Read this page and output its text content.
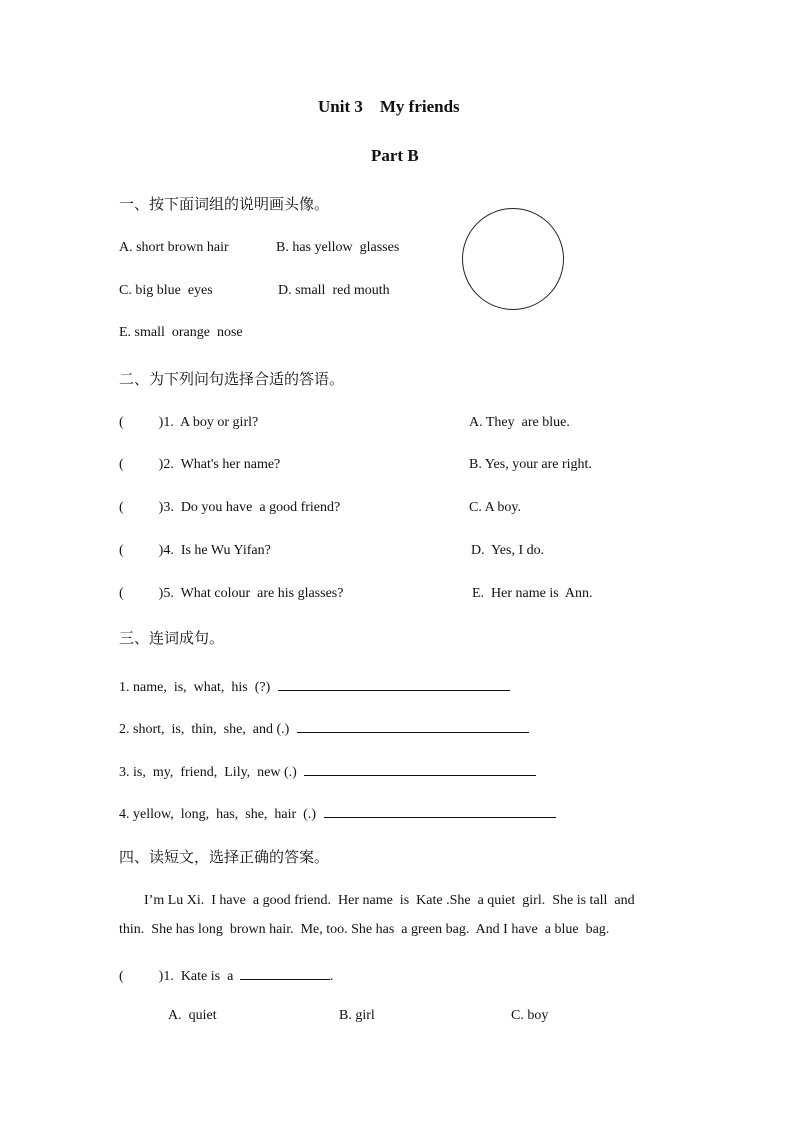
Unit 3    My friends
Part B
一、按下面词组的说明画头像。
A. short brown hair	B. has yellow  glasses
C. big blue  eyes	D. small  red mouth
E. small  orange  nose
二、为下列问句选择合适的答语。
(          )1.  A boy or girl?	A. They  are blue.
(          )2.  What's her name?	B. Yes, your are right.
(          )3.  Do you have  a good friend?	C. A boy.
(          )4.  Is he Wu Yifan?	D.  Yes, I do.
(          )5.  What colour  are his glasses?	E.  Her name is  Ann.
三、连词成句。
1. name,  is,  what,  his  (?)
2. short,  is,  thin,  she,  and (.)
3. is,  my,  friend,  Lily,  new (.)
4. yellow,  long,  has,  she,  hair  (.)
四、读短文，选择正确的答案。
I’m Lu Xi.  I have  a good friend.  Her name  is  Kate .She  a quiet  girl.  She is tall  and
thin.  She has long  brown hair.  Me, too. She has  a green bag.  And I have  a blue  bag.
(          )1.  Kate is  a	.
A.  quiet	B. girl	C. boy
